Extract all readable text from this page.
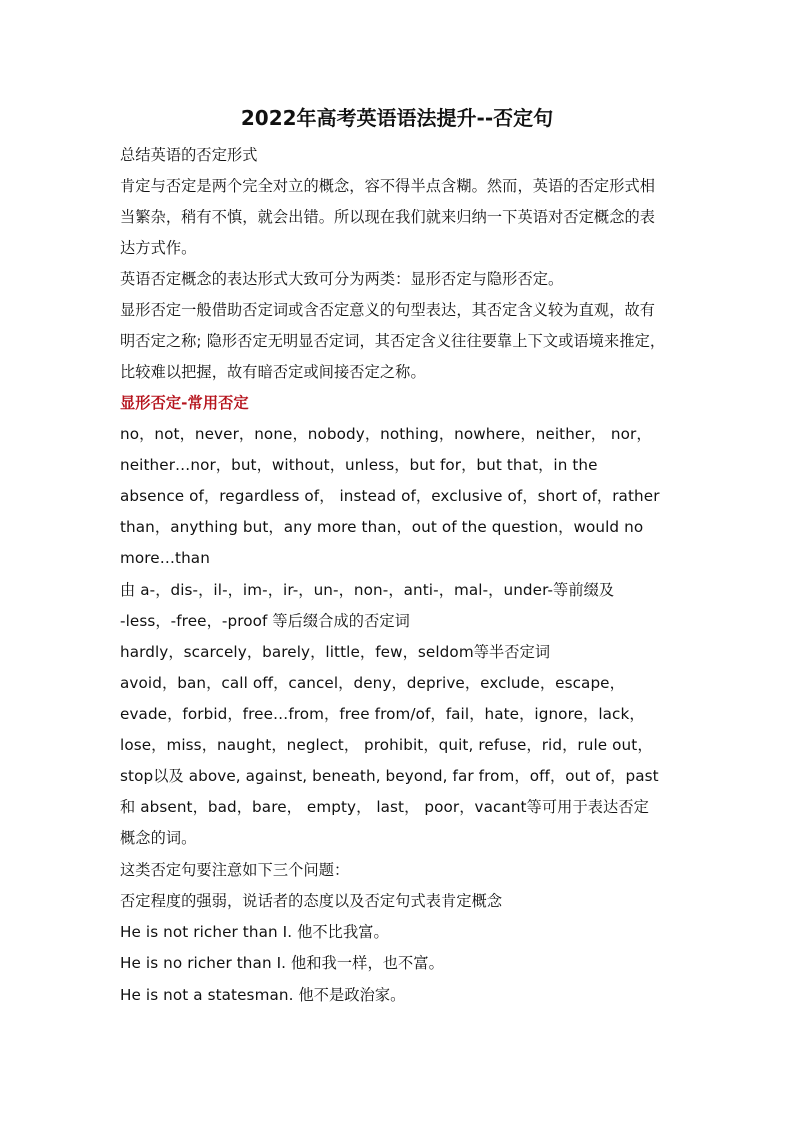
2022年高考英语语法提升--否定句
总结英语的否定形式
肯定与否定是两个完全对立的概念，容不得半点含糊。然而，英语的否定形式相
当繁杂，稍有不慎，就会出错。所以现在我们就来归纳一下英语对否定概念的表
达方式作。
英语否定概念的表达形式大致可分为两类：显形否定与隐形否定。
显形否定一般借助否定词或含否定意义的句型表达，其否定含义较为直观，故有
明否定之称; 隐形否定无明显否定词，其否定含义往往要靠上下文或语境来推定，
比较难以把握，故有暗否定或间接否定之称。
显形否定-常用否定
no，not，never，none，nobody，nothing，nowhere，neither， nor，
neither…nor，but，without，unless，but for，but that，in the
absence of，regardless of， instead of，exclusive of，short of，rather
than，anything but，any more than，out of the question，would no
more…than
由 a-，dis-，il-，im-，ir-，un-，non-，anti-，mal-，under-等前缀及
-less，-free，-proof 等后缀合成的否定词
hardly，scarcely，barely，little，few，seldom等半否定词
avoid，ban，call off，cancel，deny，deprive，exclude，escape，
evade，forbid，free…from，free from/of，fail，hate，ignore，lack，
lose，miss，naught，neglect， prohibit，quit, refuse，rid，rule out，
stop以及 above, against, beneath, beyond, far from，off，out of，past
和 absent，bad，bare， empty， last， poor，vacant等可用于表达否定
概念的词。
这类否定句要注意如下三个问题：
否定程度的强弱，说话者的态度以及否定句式表肯定概念
He is not richer than I. 他不比我富。
He is no richer than I. 他和我一样，也不富。
He is not a statesman. 他不是政治家。
